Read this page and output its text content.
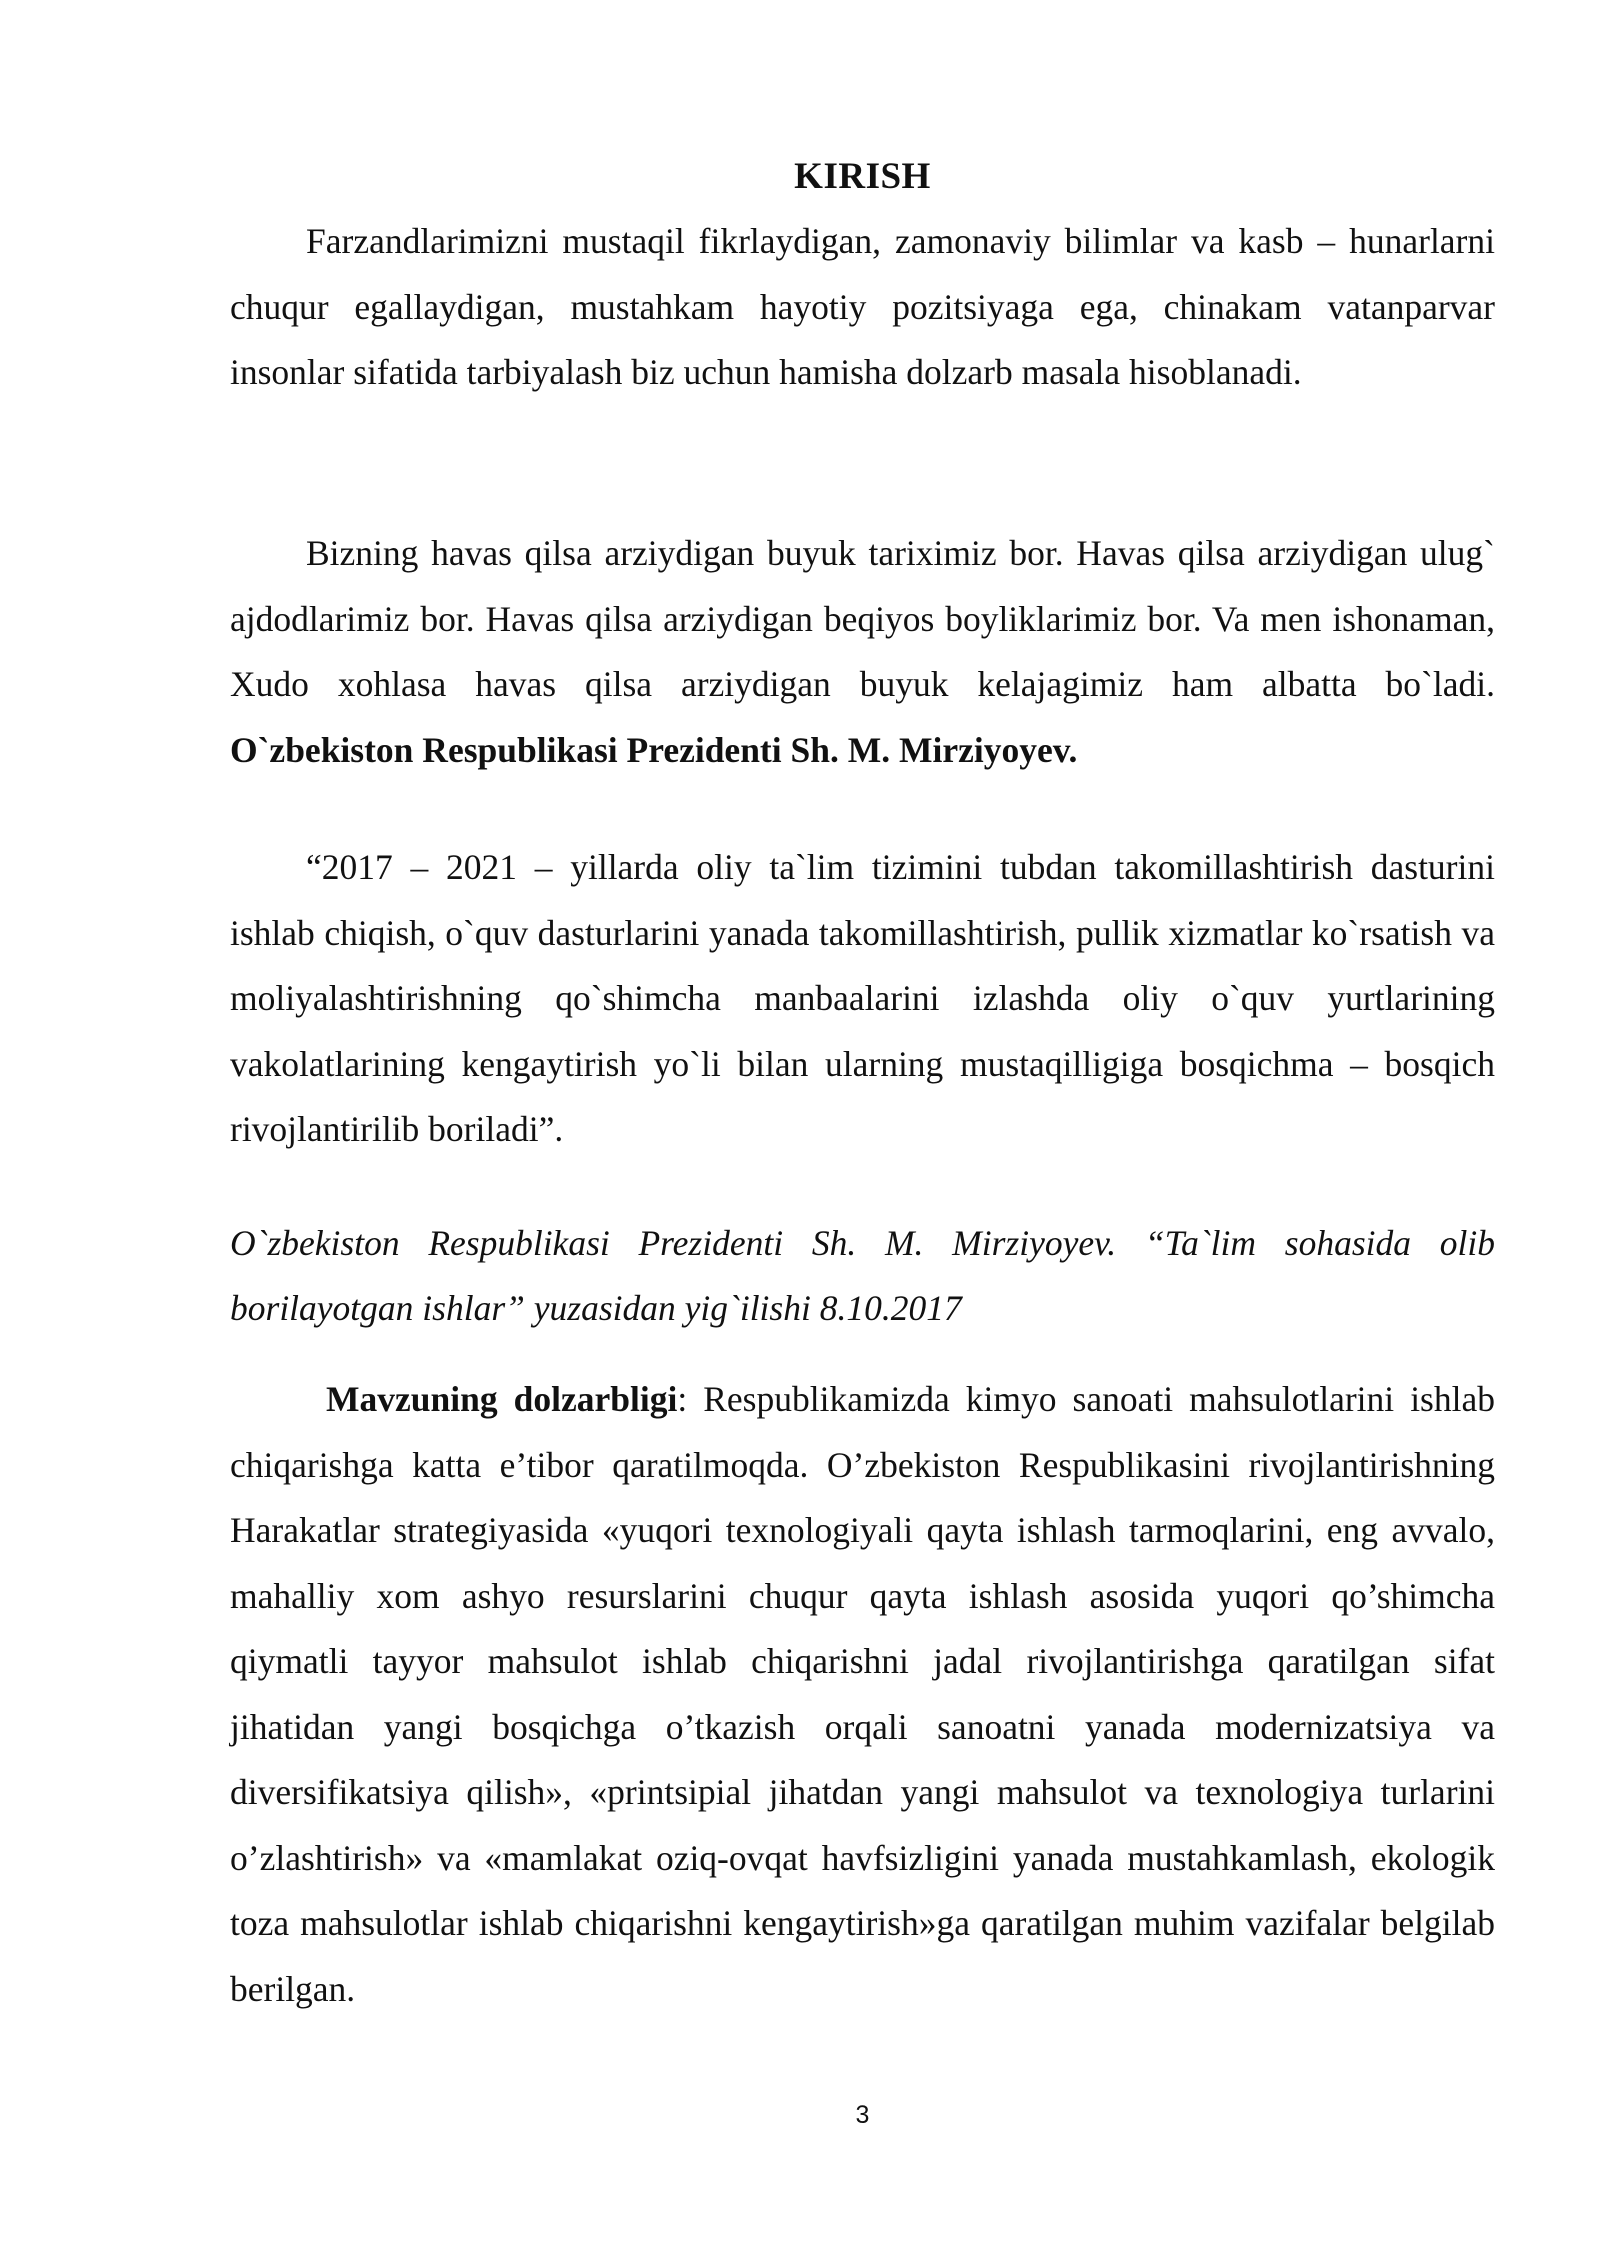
KIRISH

Farzandlarimizni mustaqil fikrlaydigan, zamonaviy bilimlar va kasb – hunarlarni chuqur egallaydigan, mustahkam hayotiy pozitsiyaga ega, chinakam vatanparvar insonlar sifatida tarbiyalash biz uchun hamisha dolzarb masala hisoblanadi.

Bizning havas qilsa arziydigan buyuk tariximiz bor. Havas qilsa arziydigan ulug` ajdodlarimiz bor. Havas qilsa arziydigan beqiyos boyliklarimiz bor. Va men ishonaman, Xudo xohlasa havas qilsa arziydigan buyuk kelajagimiz ham albatta bo`ladi. O`zbekiston Respublikasi Prezidenti Sh. M. Mirziyoyev.

“2017 – 2021 – yillarda oliy ta`lim tizimini tubdan takomillashtirish dasturini ishlab chiqish, o`quv dasturlarini yanada takomillashtirish, pullik xizmatlar ko`rsatish va moliyalashtirishning qo`shimcha manbaalarini izlashda oliy o`quv yurtlarining vakolatlarining kengaytirish yo`li bilan ularning mustaqilligiga bosqichma – bosqich rivojlantirilib boriladi”.

O`zbekiston Respublikasi Prezidenti Sh. M. Mirziyoyev. “Ta`lim sohasida olib borilayotgan ishlar” yuzasidan yig`ilishi 8.10.2017

Mavzuning dolzarbligi: Respublikamizda kimyo sanoati mahsulotlarini ishlab chiqarishga katta e’tibor qaratilmoqda. O’zbekiston Respublikasini rivojlantirishning Harakatlar strategiyasida «yuqori texnologiyali qayta ishlash tarmoqlarini, eng avvalo, mahalliy xom ashyo resurslarini chuqur qayta ishlash asosida yuqori qo’shimcha qiymatli tayyor mahsulot ishlab chiqarishni jadal rivojlantirishga qaratilgan sifat jihatidan yangi bosqichga o’tkazish orqali sanoatni yanada modernizatsiya va diversifikatsiya qilish», «printsipial jihatdan yangi mahsulot va texnologiya turlarini o’zlashtirish» va «mamlakat oziq-ovqat havfsizligini yanada mustahkamlash, ekologik toza mahsulotlar ishlab chiqarishni kengaytirish»ga qaratilgan muhim vazifalar belgilab berilgan.

3
